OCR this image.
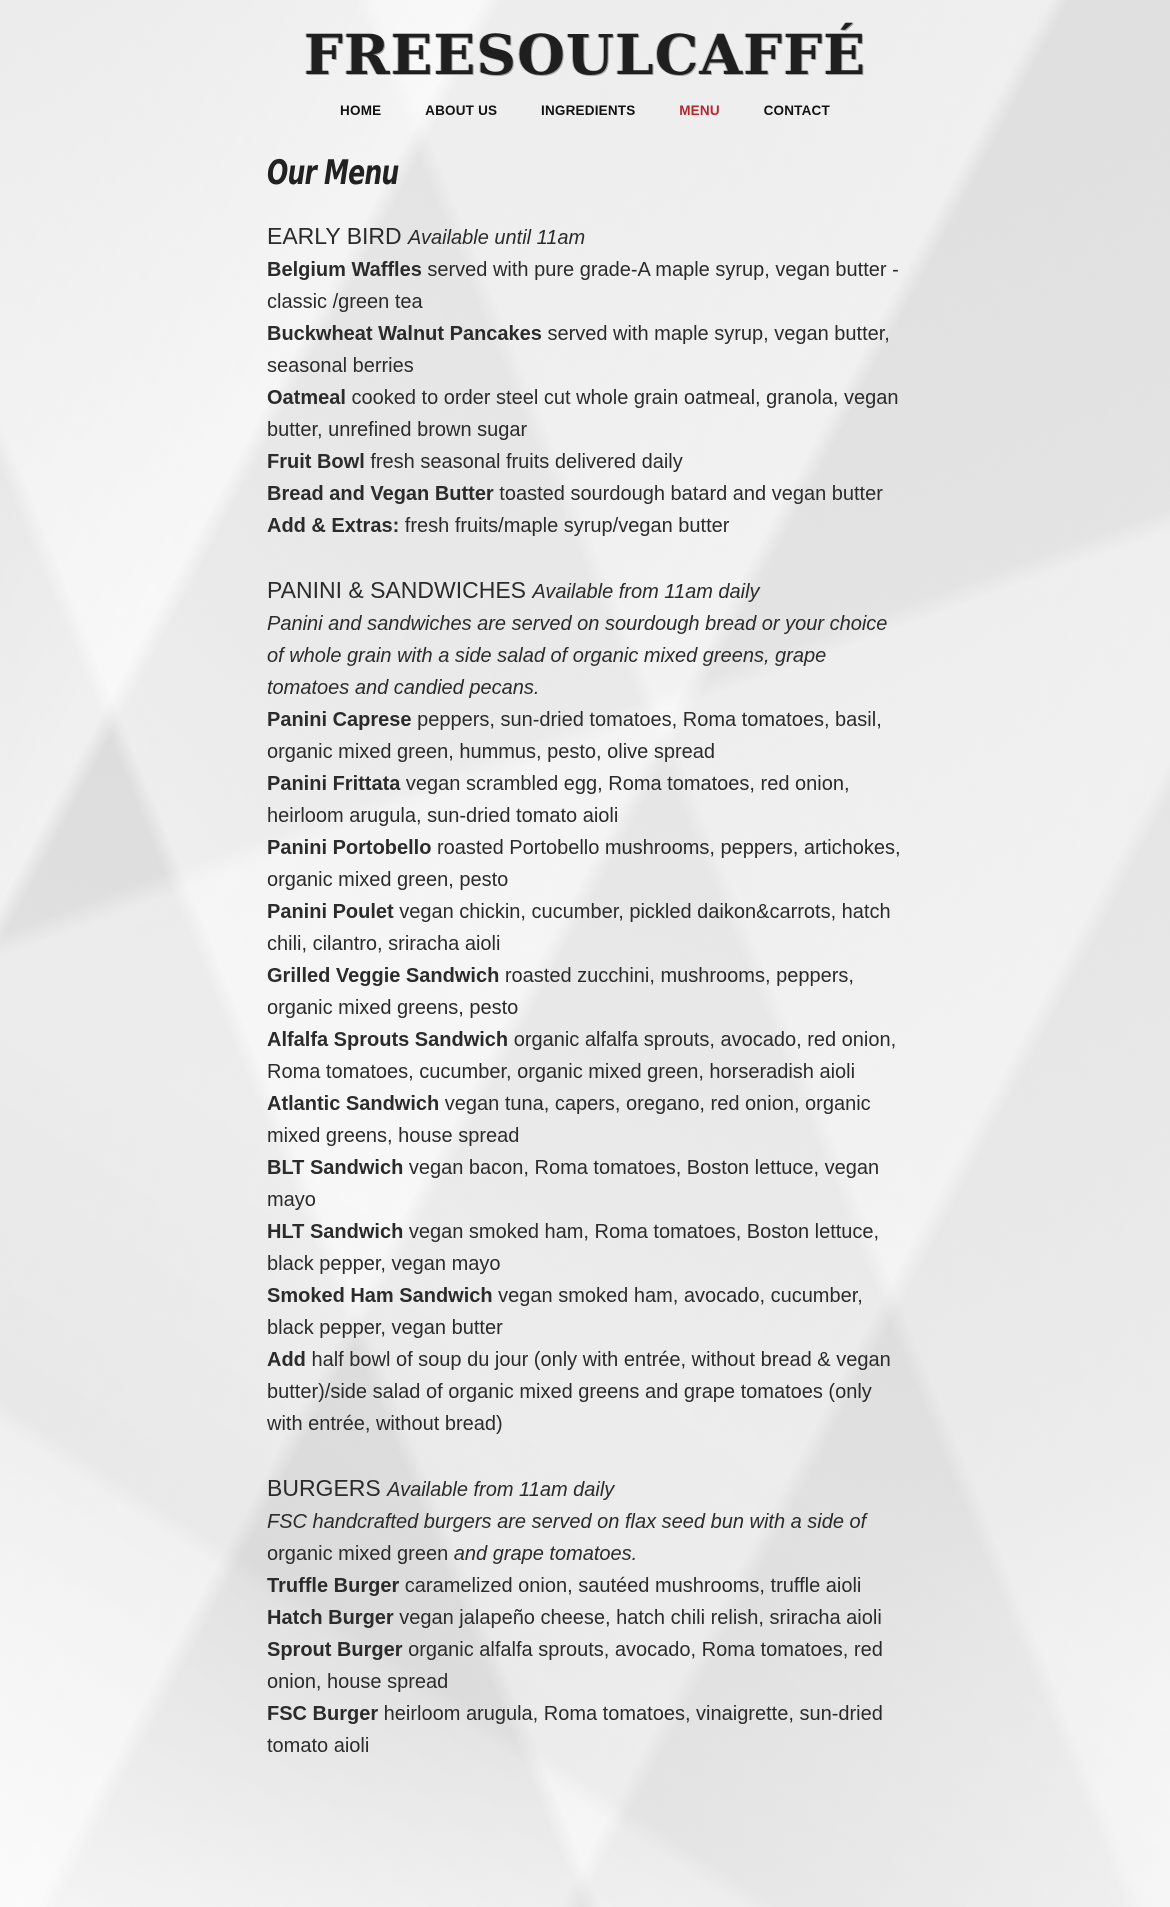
FREESOULCAFFÉ
HOME	ABOUT US	INGREDIENTS	MENU	CONTACT
Our Menu
EARLY BIRD Available until 11am

Belgium Waffles served with pure grade-A maple syrup, vegan butter - classic /green tea

Buckwheat Walnut Pancakes served with maple syrup, vegan butter, seasonal berries

Oatmeal cooked to order steel cut whole grain oatmeal, granola, vegan butter, unrefined brown sugar

Fruit Bowl fresh seasonal fruits delivered daily

Bread and Vegan Butter toasted sourdough batard and vegan butter

Add & Extras: fresh fruits/maple syrup/vegan butter

PANINI & SANDWICHES Available from 11am daily

Panini and sandwiches are served on sourdough bread or your choice of whole grain with a side salad of organic mixed greens, grape tomatoes and candied pecans.

Panini Caprese peppers, sun-dried tomatoes, Roma tomatoes, basil, organic mixed green, hummus, pesto, olive spread

Panini Frittata vegan scrambled egg, Roma tomatoes, red onion, heirloom arugula, sun-dried tomato aioli

Panini Portobello roasted Portobello mushrooms, peppers, artichokes, organic mixed green, pesto

Panini Poulet vegan chickin, cucumber, pickled daikon&carrots, hatch chili, cilantro, sriracha aioli

Grilled Veggie Sandwich roasted zucchini, mushrooms, peppers, organic mixed greens, pesto

Alfalfa Sprouts Sandwich organic alfalfa sprouts, avocado, red onion, Roma tomatoes, cucumber, organic mixed green, horseradish aioli

Atlantic Sandwich vegan tuna, capers, oregano, red onion, organic mixed greens, house spread

BLT Sandwich vegan bacon, Roma tomatoes, Boston lettuce, vegan mayo

HLT Sandwich vegan smoked ham, Roma tomatoes, Boston lettuce, black pepper, vegan mayo

Smoked Ham Sandwich vegan smoked ham, avocado, cucumber, black pepper, vegan butter

Add half bowl of soup du jour (only with entrée, without bread & vegan butter)/side salad of organic mixed greens and grape tomatoes (only with entrée, without bread)

BURGERS Available from 11am daily

FSC handcrafted burgers are served on flax seed bun with a side of organic mixed green and grape tomatoes.

Truffle Burger caramelized onion, sautéed mushrooms, truffle aioli

Hatch Burger vegan jalapeño cheese, hatch chili relish, sriracha aioli

Sprout Burger organic alfalfa sprouts, avocado, Roma tomatoes, red onion, house spread

FSC Burger heirloom arugula, Roma tomatoes, vinaigrette, sun-dried tomato aioli
